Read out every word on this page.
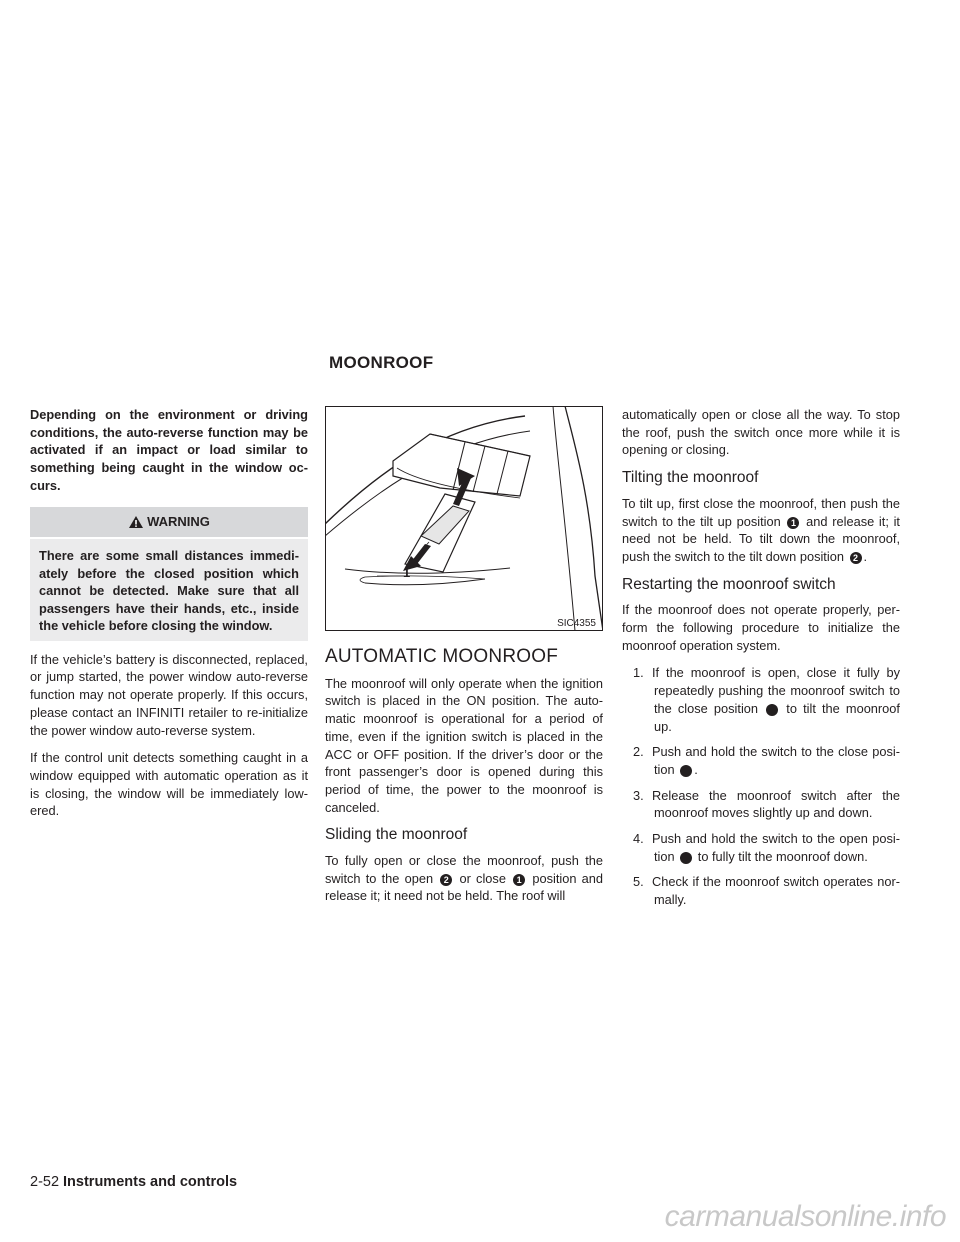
MOONROOF

Depending on the environment or driving conditions, the auto-reverse function may be activated if an impact or load similar to something being caught in the window oc- curs.

WARNING
There are some small distances immedi- ately before the closed position which cannot be detected. Make sure that all passengers have their hands, etc., inside the vehicle before closing the window.

If the vehicle’s battery is disconnected, replaced, or jump started, the power window auto-reverse function may not operate properly. If this occurs, please contact an INFINITI retailer to re-initialize the power window auto-reverse system.

If the control unit detects something caught in a window equipped with automatic operation as it is closing, the window will be immediately low- ered.

2
1
SIC4355
AUTOMATIC MOONROOF

The moonroof will only operate when the ignition switch is placed in the ON position. The auto- matic moonroof is operational for a period of time, even if the ignition switch is placed in the ACC or OFF position. If the driver’s door or the front passenger’s door is opened during this period of time, the power to the moonroof is canceled.

Sliding the moonroof

To fully open or close the moonroof, push the switch to the open 2 or close 1 position and release it; it need not be held. The roof will

automatically open or close all the way. To stop the roof, push the switch once more while it is opening or closing.

Tilting the moonroof

To tilt up, first close the moonroof, then push the switch to the tilt up position 1 and release it; it need not be held. To tilt down the moonroof, push the switch to the tilt down position 2 .

Restarting the moonroof switch

If the moonroof does not operate properly, per- form the following procedure to initialize the moonroof operation system.

1. If the moonroof is open, close it fully by repeatedly pushing the moonroof switch to the close position 1 to tilt the moonroof up.
2. Push and hold the switch to the close posi- tion 1 .
3. Release the moonroof switch after the moonroof moves slightly up and down.
4. Push and hold the switch to the open posi- tion 2 to fully tilt the moonroof down.
5. Check if the moonroof switch operates nor- mally.
2-52 Instruments and controls
carmanualsonline.info
